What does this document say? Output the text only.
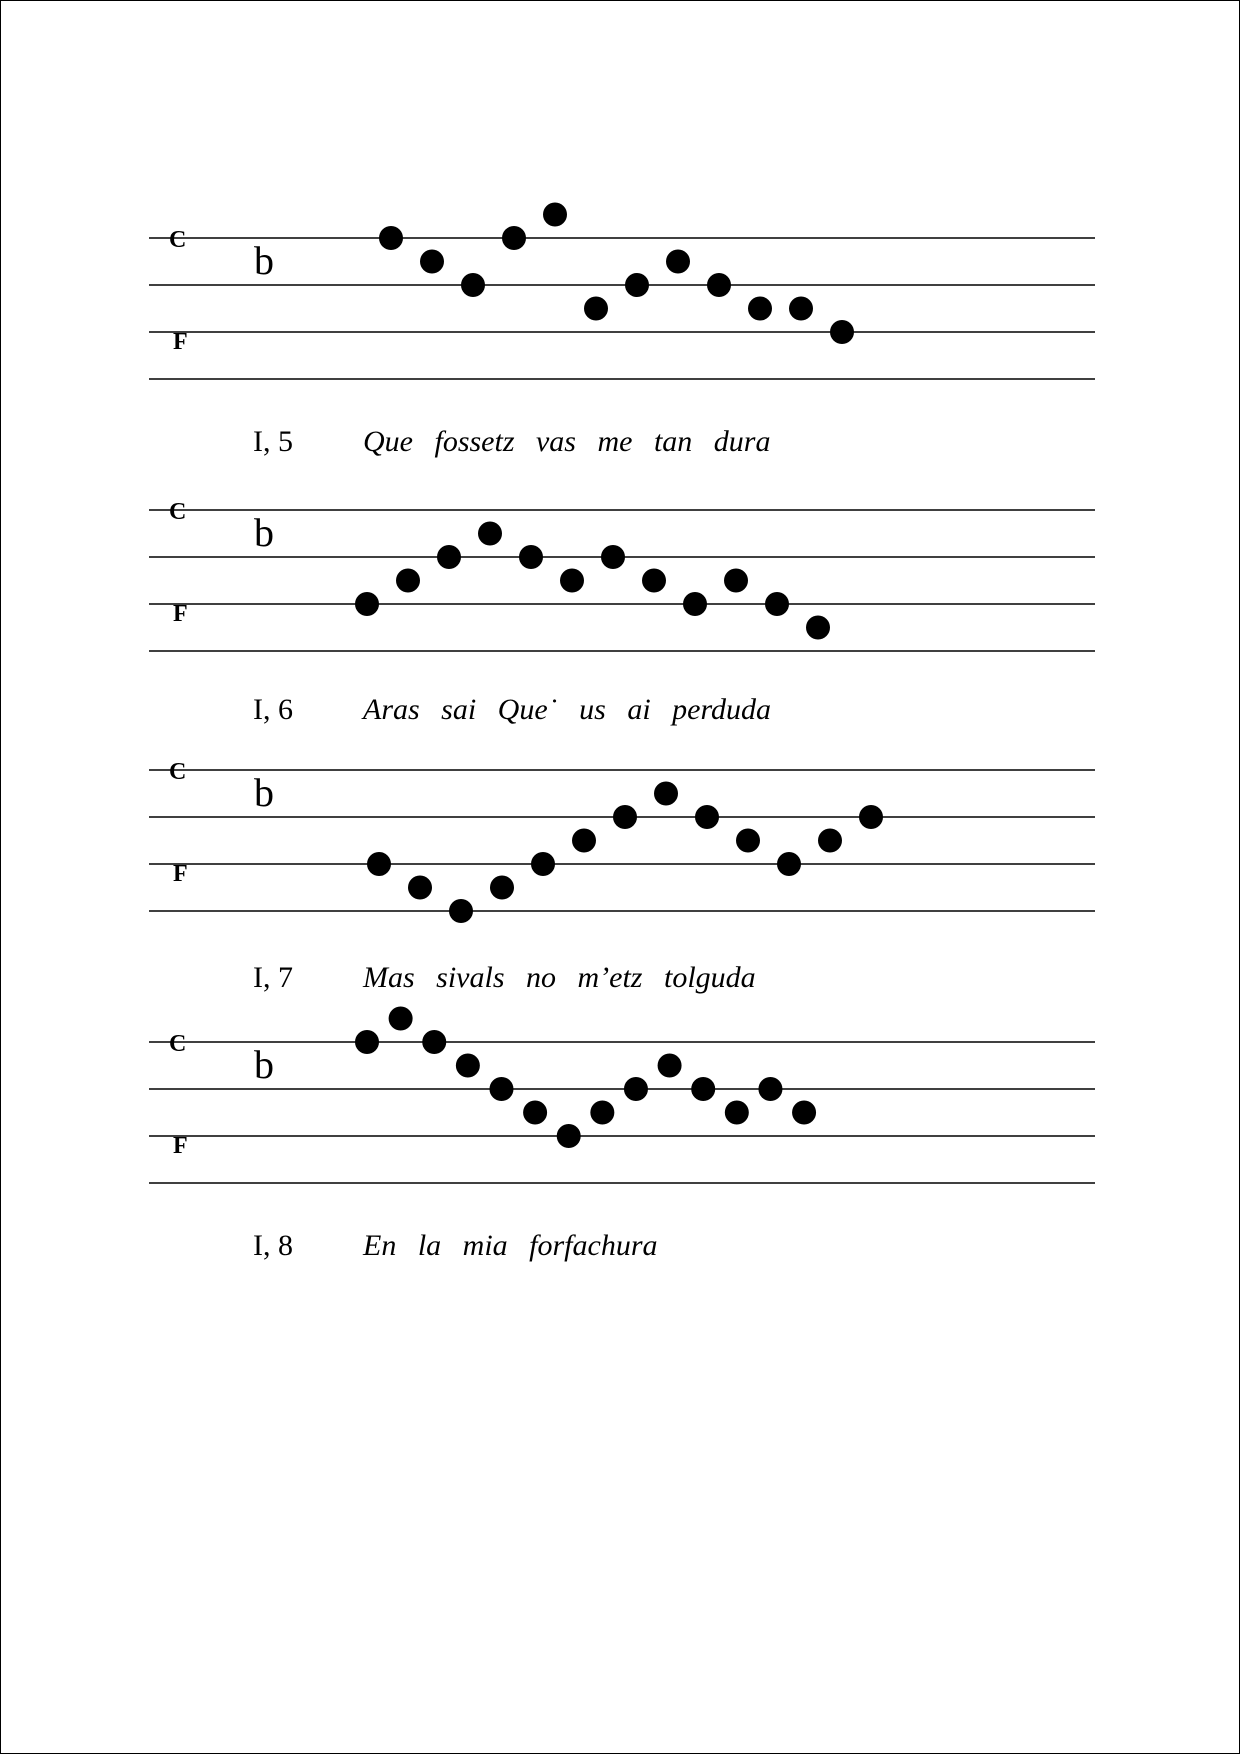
C
F
b
I, 5 Que fossetz vas me tan dura
C
F
b
I, 6 Aras sai Que˙ us ai perduda
C
F
b
I, 7 Mas sivals no m’etz tolguda
C
F
b
I, 8 En la mia forfachura
